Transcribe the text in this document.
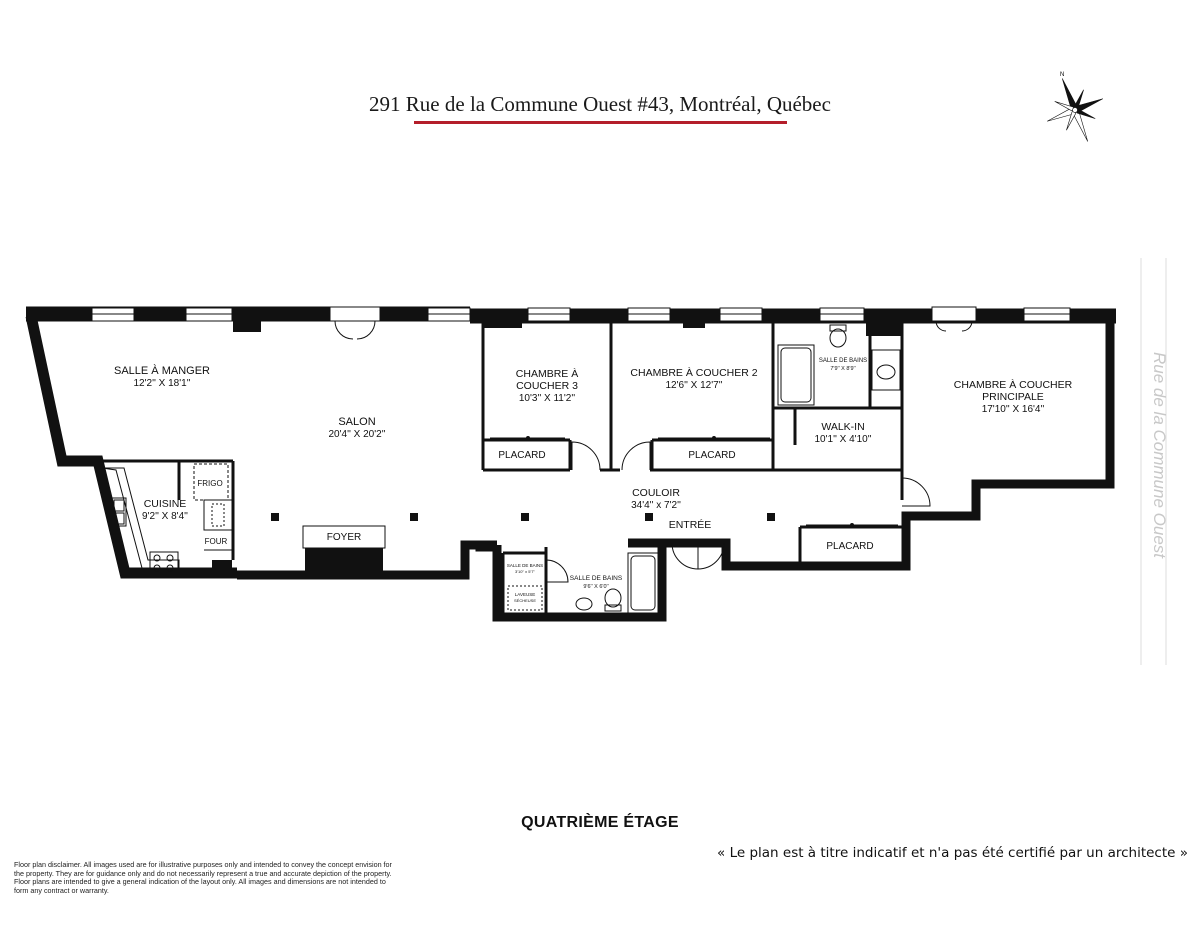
291 Rue de la Commune Ouest #43, Montréal, Québec
N
Rue de la Commune Ouest
SALLE À MANGER
12'2'' X 18'1''
SALON
20'4'' X 20'2''
CHAMBRE À
COUCHER 3
10'3'' X 11'2''
CHAMBRE À COUCHER 2
12'6'' X 12'7''
SALLE DE BAINS
7'9'' X 8'9''
WALK-IN
10'1'' X 4'10''
CHAMBRE À COUCHER
PRINCIPALE
17'10'' X 16'4''
CUISINE
9'2'' X 8'4''
COULOIR
34'4'' x 7'2''
SALLE DE BAINS
9'6'' X 6'0''
SALLE DE BAINS
3'10'' x 5'7''
LAVEUSE
SÉCHEUSE
FRIGO
FOUR	FOYER
ENTRÉE
PLACARD	PLACARD
PLACARD
QUATRIÈME ÉTAGE
« Le plan est à titre indicatif et n'a pas été certifié par un architecte »
Floor plan disclaimer. All images used are for illustrative purposes only and intended to convey the concept envision for the property. They are for guidance only and do not necessarily represent a true and accurate depiction of the property. Floor plans are intended to give a general indication of the layout only. All images and dimensions are not intended to form any contract or warranty.
